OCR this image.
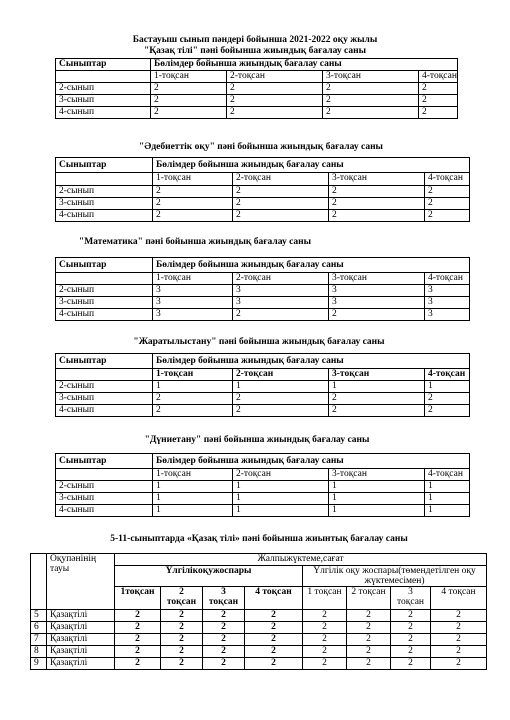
Бастауыш сынып пәндері бойынша 2021-2022 оқу жылы
"Қазақ тілі" пәні бойынша жиындық бағалау саны
Сыныптар	Бөлімдер бойынша жиындық бағалау саны			
	1-тоқсан	2-тоқсан	3-тоқсан	4-тоқсан
2-сынып	2	2	2	2
3-сынып	2	2	2	2
4-сынып	2	2	2	2
"Әдебиеттік оқу" пәні бойынша жиындық бағалау саны
Сыныптар	Бөлімдер бойынша жиындық бағалау саны			
	1-тоқсан	2-тоқсан	3-тоқсан	4-тоқсан
2-сынып	2	2	2	2
3-сынып	2	2	2	2
4-сынып	2	2	2	2
"Математика" пәні бойынша жиындық бағалау саны
Сыныптар	Бөлімдер бойынша жиындық бағалау саны			
	1-тоқсан	2-тоқсан	3-тоқсан	4-тоқсан
2-сынып	3	3	3	3
3-сынып	3	3	3	3
4-сынып	3	2	2	3
"Жаратылыстану" пәні бойынша жиындық бағалау саны
Сыныптар	Бөлімдер бойынша жиындық бағалау саны			
	1-тоқсан	2-тоқсан	3-тоқсан	4-тоқсан
2-сынып	1	1	1	1
3-сынып	2	2	2	2
4-сынып	2	2	2	2
"Дүниетану" пәні бойынша жиындық бағалау саны
Сыныптар	Бөлімдер бойынша жиындық бағалау саны			
	1-тоқсан	2-тоқсан	3-тоқсан	4-тоқсан
2-сынып	1	1	1	1
3-сынып	1	1	1	1
4-сынып	1	1	1	1
5-11-сыныптарда «Қазақ тілі» пәні бойынша жиынтық бағалау саны
	Оқупәнінің тауы	Жалпыжүктеме,сағат							
		Үлгілікоқужоспары				Үлгілік оқу жоспары(төмендетілген оқу жүктемесімен)			
		1тоқсан	2 тоқсан	3 тоқсан	4 тоқсан	1 тоқсан	2 тоқсан	3 тоқсан	4 тоқсан
5	Қазақтілі	2	2	2	2	2	2	2	2
6	Қазақтілі	2	2	2	2	2	2	2	2
7	Қазақтілі	2	2	2	2	2	2	2	2
8	Қазақтілі	2	2	2	2	2	2	2	2
9	Қазақтілі	2	2	2	2	2	2	2	2
